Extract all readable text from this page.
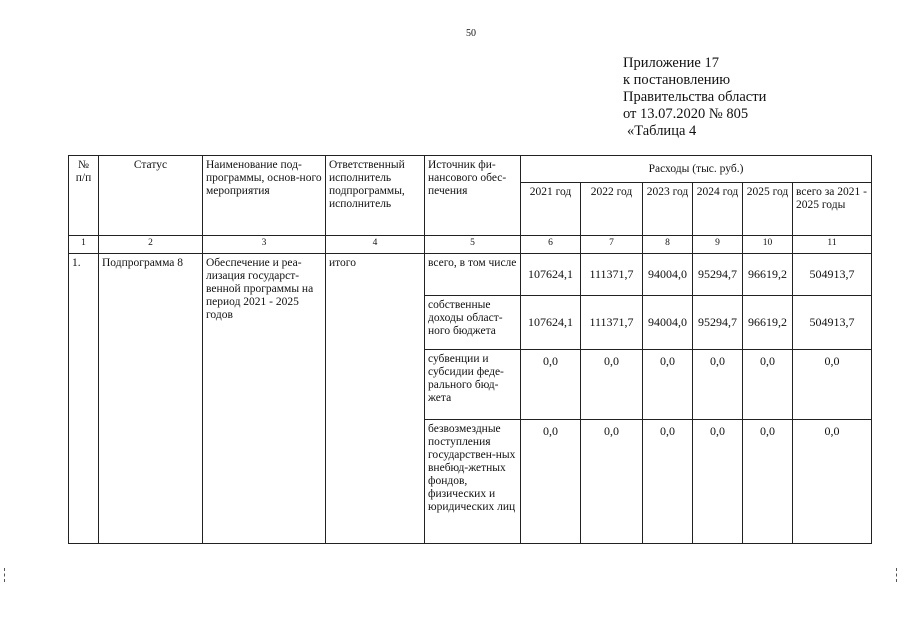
50
Приложение 17
к постановлению
Правительства области
от 13.07.2020 № 805
«Таблица 4
№ п/п	Статус	Наименование под-программы, основ-ного мероприятия	Ответственный исполнитель подпрограммы, исполнитель	Источник фи-нансового обес-печения	Расходы (тыс. руб.)					
					2021 год	2022 год	2023 год	2024 год	2025 год	всего за 2021 - 2025 годы
1	2	3	4	5	6	7	8	9	10	11
1.	Подпрограмма 8	Обеспечение и реа-лизация государст-венной программы на период 2021 - 2025 годов	итого	всего, в том числе	107624,1	111371,7	94004,0	95294,7	96619,2	504913,7
				собственные доходы област-ного бюджета	107624,1	111371,7	94004,0	95294,7	96619,2	504913,7
				субвенции и субсидии феде-рального бюд-жета	0,0	0,0	0,0	0,0	0,0	0,0
				безвозмездные поступления государствен-ных внебюд-жетных фондов, физических и юридических лиц	0,0	0,0	0,0	0,0	0,0	0,0
